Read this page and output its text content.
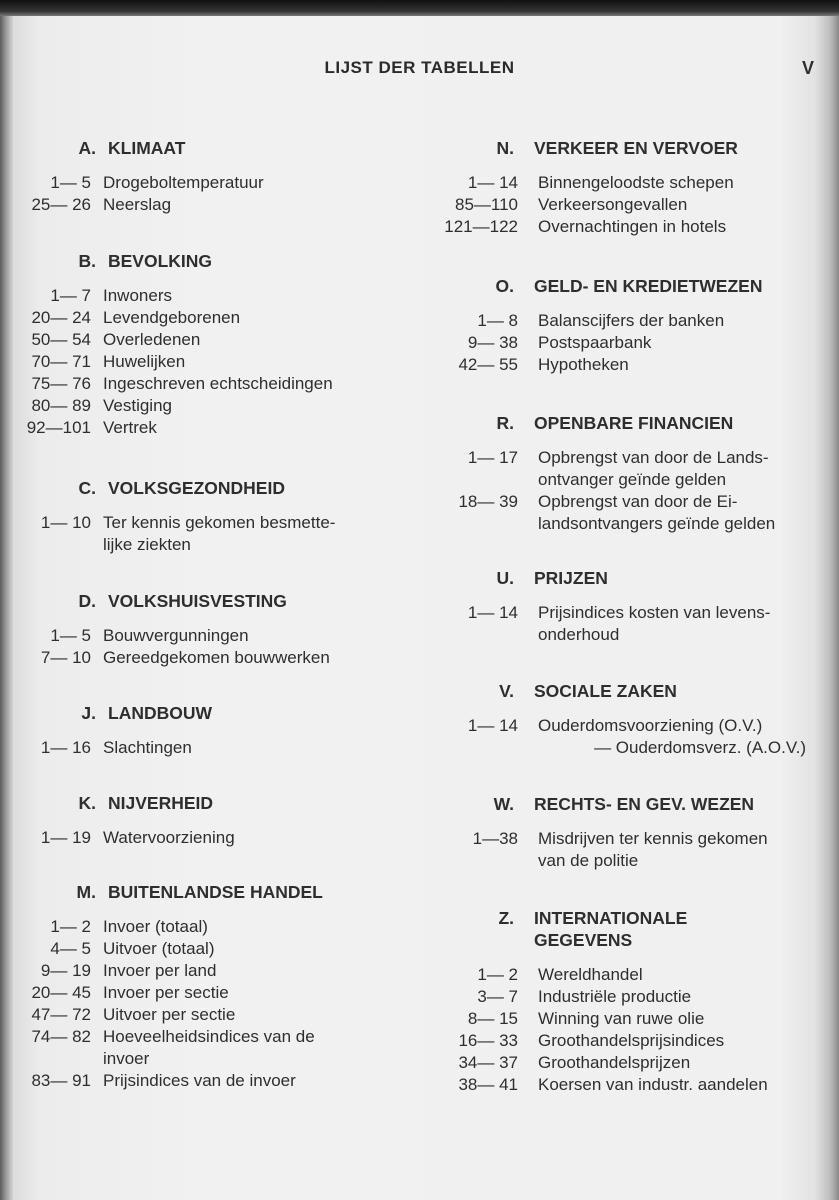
LIJST DER TABELLEN	V
A. KLIMAAT
1— 5 Drogeboltemperatuur
25— 26 Neerslag
B. BEVOLKING
1— 7 Inwoners
20— 24 Levendgeborenen
50— 54 Overledenen
70— 71 Huwelijken
75— 76 Ingeschreven echtscheidingen
80— 89 Vestiging
92—101 Vertrek
C. VOLKSGEZONDHEID
1— 10 Ter kennis gekomen besmette-
lijke ziekten
D. VOLKSHUISVESTING
1— 5 Bouwvergunningen
7— 10 Gereedgekomen bouwwerken
J. LANDBOUW
1— 16 Slachtingen
K. NIJVERHEID
1— 19 Watervoorziening
M. BUITENLANDSE HANDEL
1— 2 Invoer (totaal)
4— 5 Uitvoer (totaal)
9— 19 Invoer per land
20— 45 Invoer per sectie
47— 72 Uitvoer per sectie
74— 82 Hoeveelheidsindices van de
invoer
83— 91 Prijsindices van de invoer
N.	VERKEER EN VERVOER
1— 14	Binnengeloodste schepen
85—110	Verkeersongevallen
121—122	Overnachtingen in hotels
O.	GELD- EN KREDIETWEZEN
1— 8	Balanscijfers der banken
9— 38	Postspaarbank
42— 55	Hypotheken
R.	OPENBARE FINANCIEN
1— 17	Opbrengst van door de Lands-
ontvanger geïnde gelden
18— 39	Opbrengst van door de Ei-
landsontvangers geïnde gelden
U.	PRIJZEN
1— 14	Prijsindices kosten van levens-
onderhoud
V.	SOCIALE ZAKEN
1— 14	Ouderdomsvoorziening (O.V.)
— Ouderdomsverz. (A.O.V.)
W.	RECHTS- EN GEV. WEZEN
1—38	Misdrijven ter kennis gekomen
van de politie
Z.	INTERNATIONALE
GEGEVENS
1— 2	Wereldhandel
3— 7	Industriële productie
8— 15	Winning van ruwe olie
16— 33	Groothandelsprijsindices
34— 37	Groothandelsprijzen
38— 41	Koersen van industr. aandelen
